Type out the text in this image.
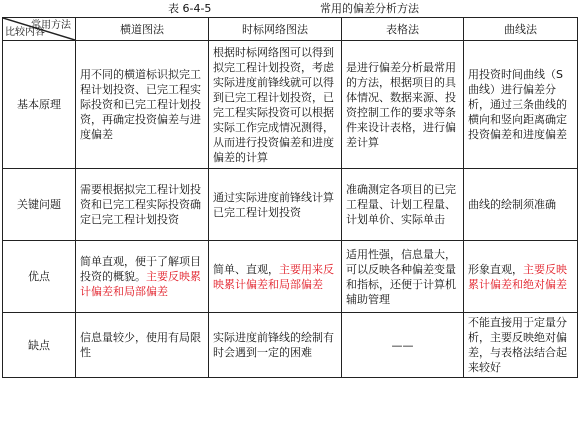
表 6-4-5	常用的偏差分析方法
常用方法
比较内容	横道图法	时标网络图法	表格法	曲线法
基本原理	用不同的横道标识拟完工程计划投资、已完工程实际投资和已完工程计划投资，再确定投资偏差与进度偏差	根据时标网络图可以得到拟完工程计划投资，考虑实际进度前锋线就可以得到已完工程计划投资，已完工程实际投资可以根据实际工作完成情况测得，从而进行投资偏差和进度偏差的计算	是进行偏差分析最常用的方法，根据项目的具体情况、数据来源、投资控制工作的要求等条件来设计表格，进行偏差计算	用投资时间曲线（S曲线）进行偏差分析，通过三条曲线的横向和竖向距离确定投资偏差和进度偏差
关键问题	需要根据拟完工程计划投资和已完工程实际投资确定已完工程计划投资	通过实际进度前锋线计算已完工程计划投资	准确测定各项目的已完工程量、计划工程量、计划单价、实际单击	曲线的绘制须准确
优点	简单直观，便于了解项目投资的概貌。主要反映累计偏差和局部偏差	简单、直观，主要用来反映累计偏差和局部偏差	适用性强，信息量大，可以反映各种偏差变量和指标，还便于计算机辅助管理	形象直观，主要反映累计偏差和绝对偏差
缺点	信息量较少，使用有局限性	实际进度前锋线的绘制有时会遇到一定的困难	——	不能直接用于定量分析，主要反映绝对偏差，与表格法结合起来较好
